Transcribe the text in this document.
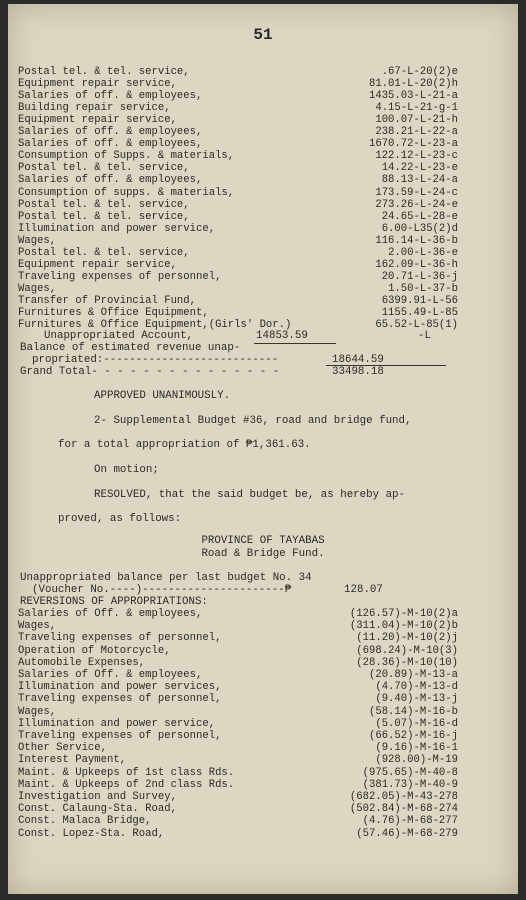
51
Postal tel. & tel. service,	.67-L-20(2)e
Equipment repair service,	81.01-L-20(2)h
Salaries of off. & employees,	1435.03-L-21-a
Building repair service,	4.15-L-21-g-1
Equipment repair service,	100.07-L-21-h
Salaries of off. & employees,	238.21-L-22-a
Salaries of off. & employees,	1670.72-L-23-a
Consumption of Supps. & materials,	122.12-L-23-c
Postal tel. & tel. service,	14.22-L-23-e
Salaries of off. & employees,	88.13-L-24-a
Consumption of supps. & materials,	173.59-L-24-c
Postal tel. & tel. service,	273.26-L-24-e
Postal tel. & tel. service,	24.65-L-28-e
Illumination and power service,	6.00-L35(2)d
Wages,	116.14-L-36-b
Postal tel. & tel. service,	2.00-L-36-e
Equipment repair service,	162.09-L-36-h
Traveling expenses of personnel,	20.71-L-36-j
Wages,	1.50-L-37-b
Transfer of Provincial Fund,	6399.91-L-56
Furnitures & Office Equipment,	1155.49-L-85
Furnitures & Office Equipment,(Girls' Dor.)	65.52-L-85(1)
Unappropriated Account,	14853.59	-L
Balance of estimated revenue unap-
propriated:---------------------------	18644.59
Grand Total- - - - - - - - - - - - - - -	33498.18
APPROVED UNANIMOUSLY.
2- Supplemental Budget #36, road and bridge fund,
for a total appropriation of ₱1,361.63.
On motion;
RESOLVED, that the said budget be, as hereby ap-
proved, as follows:
PROVINCE OF TAYABAS
Road & Bridge Fund.
Unappropriated balance per last budget No. 34
(Voucher No.----)----------------------₱	128.07
REVERSIONS OF APPROPRIATIONS:
Salaries of Off. & employees,	(126.57)-M-10(2)a
Wages,	(311.04)-M-10(2)b
Traveling expenses of personnel,	(11.20)-M-10(2)j
Operation of Motorcycle,	(698.24)-M-10(3)
Automobile Expenses,	(28.36)-M-10(10)
Salaries of Off. & employees,	(20.89)-M-13-a
Illumination and power services,	(4.70)-M-13-d
Traveling expenses of personnel,	(9.40)-M-13-j
Wages,	(58.14)-M-16-b
Illumination and power service,	(5.07)-M-16-d
Traveling expenses of personnel,	(66.52)-M-16-j
Other Service,	(9.16)-M-16-1
Interest Payment,	(928.00)-M-19
Maint. & Upkeeps of 1st class Rds.	(975.65)-M-40-8
Maint. & Upkeeps of 2nd class Rds.	(381.73)-M-40-9
Investigation and Survey,	(682.05)-M-43-278
Const. Calaung-Sta. Road,	(502.84)-M-68-274
Const. Malaca Bridge,	(4.76)-M-68-277
Const. Lopez-Sta. Road,	(57.46)-M-68-279
